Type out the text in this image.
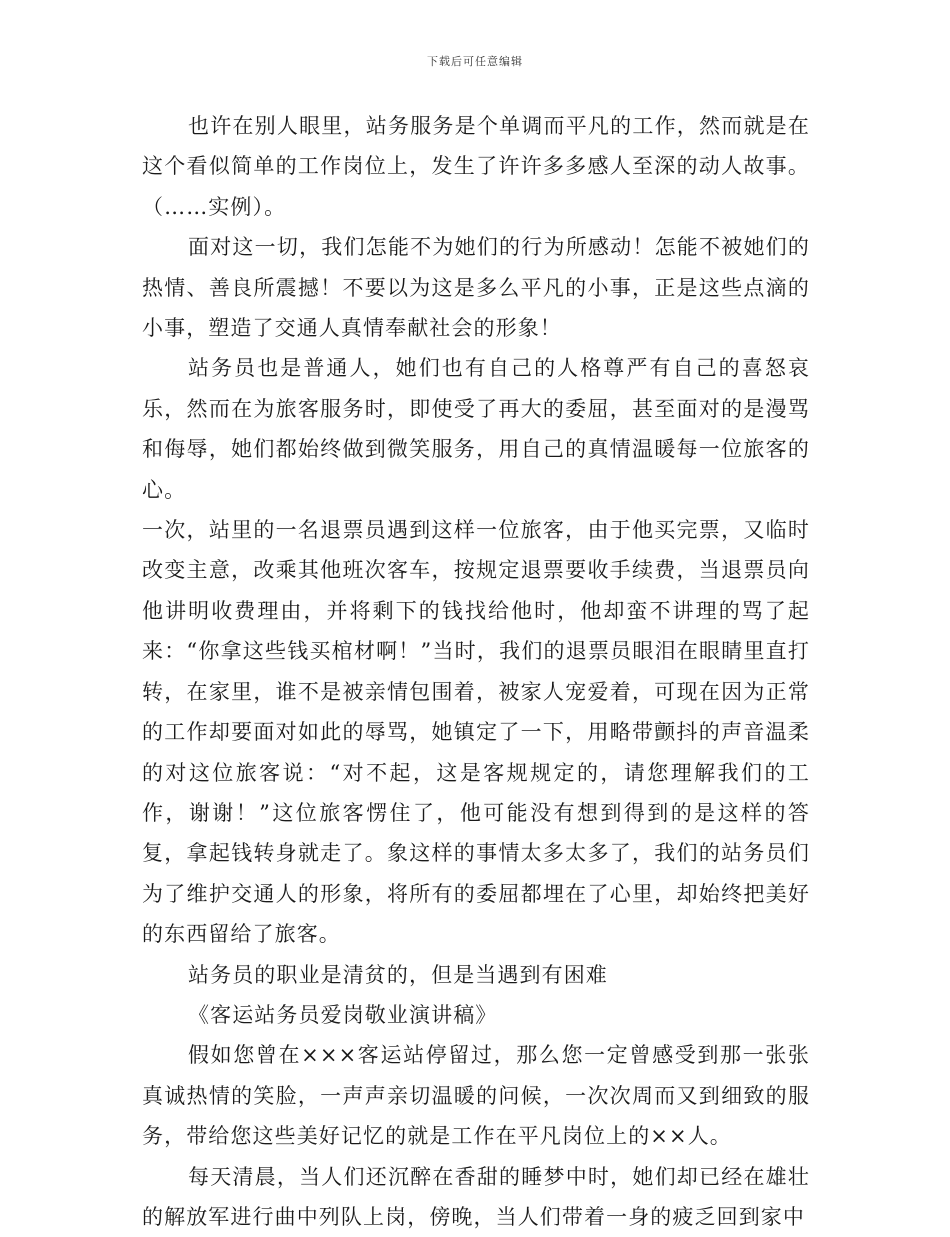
下载后可任意编辑

也许在别人眼里，站务服务是个单调而平凡的工作，然而就是在这个看似简单的工作岗位上，发生了许许多多感人至深的动人故事。（……实例）。

面对这一切，我们怎能不为她们的行为所感动！怎能不被她们的热情、善良所震撼！不要以为这是多么平凡的小事，正是这些点滴的小事，塑造了交通人真情奉献社会的形象！

站务员也是普通人，她们也有自己的人格尊严有自己的喜怒哀乐，然而在为旅客服务时，即使受了再大的委屈，甚至面对的是漫骂和侮辱，她们都始终做到微笑服务，用自己的真情温暖每一位旅客的心。

一次，站里的一名退票员遇到这样一位旅客，由于他买完票，又临时改变主意，改乘其他班次客车，按规定退票要收手续费，当退票员向他讲明收费理由，并将剩下的钱找给他时，他却蛮不讲理的骂了起来：“你拿这些钱买棺材啊！”当时，我们的退票员眼泪在眼睛里直打转，在家里，谁不是被亲情包围着，被家人宠爱着，可现在因为正常的工作却要面对如此的辱骂，她镇定了一下，用略带颤抖的声音温柔的对这位旅客说：“对不起，这是客规规定的，请您理解我们的工作，谢谢！”这位旅客愣住了，他可能没有想到得到的是这样的答复，拿起钱转身就走了。象这样的事情太多太多了，我们的站务员们为了维护交通人的形象，将所有的委屈都埋在了心里，却始终把美好的东西留给了旅客。

站务员的职业是清贫的，但是当遇到有困难

《客运站务员爱岗敬业演讲稿》

假如您曾在×××客运站停留过，那么您一定曾感受到那一张张真诚热情的笑脸，一声声亲切温暖的问候，一次次周而又到细致的服务，带给您这些美好记忆的就是工作在平凡岗位上的××人。

每天清晨，当人们还沉醉在香甜的睡梦中时，她们却已经在雄壮的解放军进行曲中列队上岗，傍晚，当人们带着一身的疲乏回到家中
